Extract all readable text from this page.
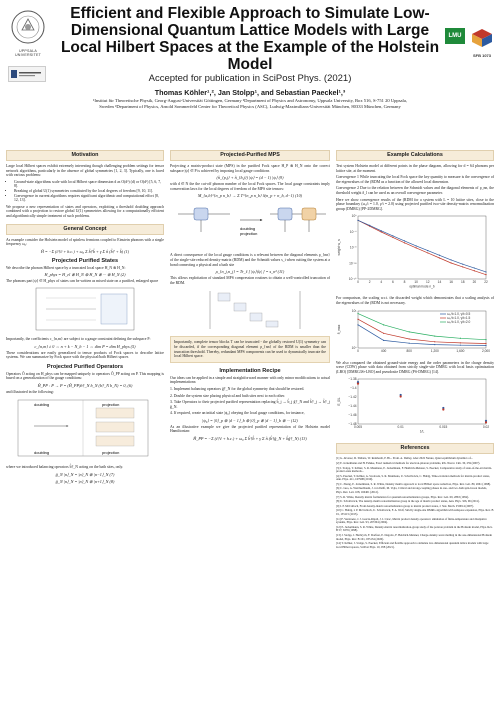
Efficient and Flexible Approach to Simulate Low-Dimensional Quantum Lattice Models with Large Local Hilbert Spaces at the Example of the Holstein Model
Accepted for publication in SciPost Phys. (2021)
Thomas Köhler¹,², Jan Stolpp¹, and Sebastian Paeckel¹,³
¹Institut für Theoretische Physik, Georg-August-Universität Göttingen, Germany ²Department of Physics and Astronomy, Uppsala University, Box 516, S-751 20 Uppsala, Sweden ³Department of Physics, Arnold Sommerfeld Center for Theoretical Physics (ASC), Ludwig-Maximilians-Universität München, 80333 München, Germany
UPPSALA UNIVERSITET
LMU
SFB 1073
Motivation
Large local Hilbert spaces exhibit extremely interesting though challenging problem settings for tensor network algorithms, particularly in the absence of global symmetries [1, 2, 3]. Typically, one is faced with various problems:
• Ground-state algorithms scale with local Hilbert space dimension d as O(d³) (d) or O(d²) [5, 6, 7, 8].
• Breaking of global U(1) symmetries constituted by the local degrees of freedom [9, 10, 11].
• Convergence in current algorithms requires significant algorithmic and computational effort [8, 12, 13].
We propose a new representation of states and operators, exploiting a threshold doubling approach combined with a projection to restore global U(1) symmetries allowing for a computationally efficient and algorithmically simple treatment of such problems.
General Concept
As example consider the Holstein model of spinless fermions coupled to Einstein phonons with a single frequency ω₀:
Ĥ = −Σ (ĉ†ĉ + h.c.) + ω₀ Σ b̂†b̂ + γ Σ n̂ (b̂† + b̂) (1)
Projected Purified States
We describe the phonon Hilbert space by a truncated local space H_N ⊗ H_N:
H_phys = H_el ⊗ H_N ⊗ H_N ⊗ ··· ⊗ H_N (2)
The phonons part |ψ⟩ ∈ H_phys of states can be written as mixed state on a purified, enlarged space
Importantly, the coefficients c_{n,m} are subject to a gauge constraint defining the subspace P:
c_{n,m} ≠ 0 ⇔ n + k − N_b − 1 ⇔ dim P = dim H_phys (5)
These considerations are easily generalized to tensor products of Fock spaces to describe lattice systems. We can summarize by Fock space with the physical/bath Hilbert spaces
Projected Purified Operators
Operators Ô acting on H_phys can be mapped uniquely to operators Ô_PP acting on P. This mapping is based on a generalization of the gauge conditions:
Ĥ_PP : P → P = (Ĥ_PP)b†_N b_N (b†_N b_N) = 0, (6)
and illustrated in the following:
doubling	projection
doubling	projection
where we introduced balancing operators b̂†_N acting on the bath sites, only.
ĝ_N |n⟩_N = |n⟩_N ⊗ |n−1⟩_N (7)
ĝ_N |n⟩_N = |n⟩_N ⊗ |n+1⟩_N (8)
Projected-Purified MPS
Projecting a matrix-product state (MPS) in the purified Fock space H_P ⊗ H_N onto the correct subspace |ψ⟩ ∈ P is achieved by imposing local gauge conditions
(n̂_{p,j} + n̂_{b,j}) |ψ⟩ = (d − 1) |ψ⟩ (9)
with d ∈ N the the cut-off phonon number of the local Fock spaces. The local gauge constraints imply conservation laws for the local degrees of freedom of the MPS site tensors:
M_{a,b}^{n_p n_b} → Σ T^{n_p n_b} δ(n_p + n_b, d−1) (10)
doubling
projection
A direct consequence of the local gauge conditions is a relevant between the diagonal elements ρ_{nn} of the single-site reduced density-matrix (RDM) and the Schmidt values s_i when cutting the system at a bond connecting a physical and a bath site
ρ_{n_j,n_j} = Tr_ℓ [ |ψ⟩⟨ψ| ] = s_n² (11)
This allows exploitation of standard MPS compression routines to obtain a well-controlled truncation of the RDM.
Importantly, complete tensor blocks T can be truncated - the globally restored U(1) symmetry can be discarded, if the corresponding diagonal element ρ_{nn} of the RDM is smaller than the truncation threshold. Thereby, redundant MPS components can be used to dynamically truncate the local Hilbert space.
Implementation Recipe
Our ideas can be applied in a simple and straightforward manner with only minor modifications to actual implementations:
1. Implement balancing operators ĝ†_N for the global symmetry that should be restored.
2. Double the system size placing physical and bath sites next to each other.
3. Take Operators to their projected purified representation replacing b̂_j → b̂_j ĝ†_N and b̂†_j → b̂†_j ĝ_N.
4. If required, create an initial state |ψ₀⟩ obeying the local gauge conditions, for instance,
|ψ₀⟩ = |0⟩_p ⊗ |d − 1⟩_b ⊗ |0⟩_p ⊗ |d − 1⟩_b ⊗ ··· (12)
As an illustrative example we give the projected purified representation of the Holstein model Hamiltonian:
Ĥ_PP = −Σ (ĉ†ĉ + h.c.) + ω₀ Σ b̂†b̂ + γ Σ n̂ (b̂†ĝ_N + b̂ĝ†_N) (13)
Example Calculations
Test system Holstein model at different points in the phase diagram, allowing for d = 64 phonons per lattice site, at the moment.
Convergence 1 While truncating the local Fock space the key quantity to measure is the convergence of the eigenvalues of the (RDM as a function of the allowed local dimension.
Convergence 2 Due to the relation between the Schmidt values and the diagonal elements of ρ_nn, the threshold weight δ_l can be used as an overall convergence parameter.
Here we show convergence results of the (RDM for a system with L = 10 lattice sites, close to the phase boundary (ω₀/t = 1.0, γ/t = 2.0) using projected purified two-site density-matrix renormalization group (DMRG) [PP-2DMRG].
0	2	4	6	8	10	12	14	16	18	20	22
10⁰
10⁻⁴
10⁻⁸
10⁻¹²
10⁻¹⁶
optimal mode n_b
weight w_n
For comparison, the scaling w.r.t. the discarded weight which demonstrates that a scaling analysis of the eigenvalues of the (RDM is not necessary.
0	400	800	1,200	1,600	2,000
10¹
10⁰
δ_max
ω₀/t=1.0, γ/t=0.5
ω₀/t=1.0, γ/t=1.5
ω₀/t=1.0, γ/t=2.0
We also compared the obtained ground-state energy and the order parameters in the charge density wave (CDW) phase with data obtained from strictly single-site DMRG with local basis optimization (LBO) [DMRG3S+LBO] and pseudosite DMRG (PS-DMRG) [14].
0.005	0.01	0.015	0.02
−1.38
−1.4
−1.42
−1.44
−1.46
−1.48
1/L
E_0/L
References
[1] G. Alvarez, D. Shibata, W. Reinhardt, P. Bi... Prom. A. Dulley, Aber 2022 Nature, Quiet equilibrium dynamics of...
[2] E. Jeckelmann and H. Fehske, Exact numerical methods for electron-phonon problems, Riv. Nuovo Cim. 30, 259 (2007).
[3] J. Stolpp, T. Köhler, S. R. Manmana, E. Jeckelmann, F. Heidrich-Meisner, S. Paeckel, Comparative study of state-of-the-art matrix-product-state methods...
[4] S. Paeckel, T. Köhler, A. Swoboda, S. R. Manmana, U. Schollwöck, C. Hubig, Time-evolution methods for matrix-product states, Ann. Phys. 411, 167998 (2019).
[5] C. Zhang, E. Jeckelmann, S. R. White, Density matrix approach to local Hilbert space reduction, Phys. Rev. Lett. 80, 2661 (1998).
[6] C. Guo, A. Weichselbaum, J. von Delft, M. Vojta, Critical and strong-coupling phases in one- and two-bath spin-boson models, Phys. Rev. Lett. 108, 160401 (2012).
[7] S. R. White, Density matrix formulation for quantum renormalization groups, Phys. Rev. Lett. 69, 2863 (1992).
[8] U. Schollwöck, The density-matrix renormalization group in the age of matrix product states, Ann. Phys. 326, 96 (2011).
[9] I. P. McCulloch, From density-matrix renormalization group to matrix product states, J. Stat. Mech. P10014 (2007).
[10] C. Hubig, I. P. McCulloch, U. Schollwöck, F. A. Wolf, Strictly single-site DMRG algorithm with subspace expansion, Phys. Rev. B 91, 155115 (2015).
[11] F. Verstraete, J. J. García-Ripoll, J. I. Cirac, Matrix product density operators: simulation of finite-temperature and dissipative systems, Phys. Rev. Lett. 93, 207204 (2004).
[12] E. Jeckelmann, S. R. White, Density-matrix renormalization-group study of the polaron problem in the Holstein model, Phys. Rev. B 57, 6376 (1998).
[13] J. Stolpp, J. Herbrych, F. Dorfner, E. Dagotto, F. Heidrich-Meisner, Charge-density-wave melting in the one-dimensional Holstein model, Phys. Rev. B 101, 035134 (2020).
[14] T. Köhler, J. Stolpp, S. Paeckel, Efficient and flexible approach to simulate low-dimensional quantum lattice models with large local Hilbert spaces, SciPost Phys. 10, 058 (2021).
